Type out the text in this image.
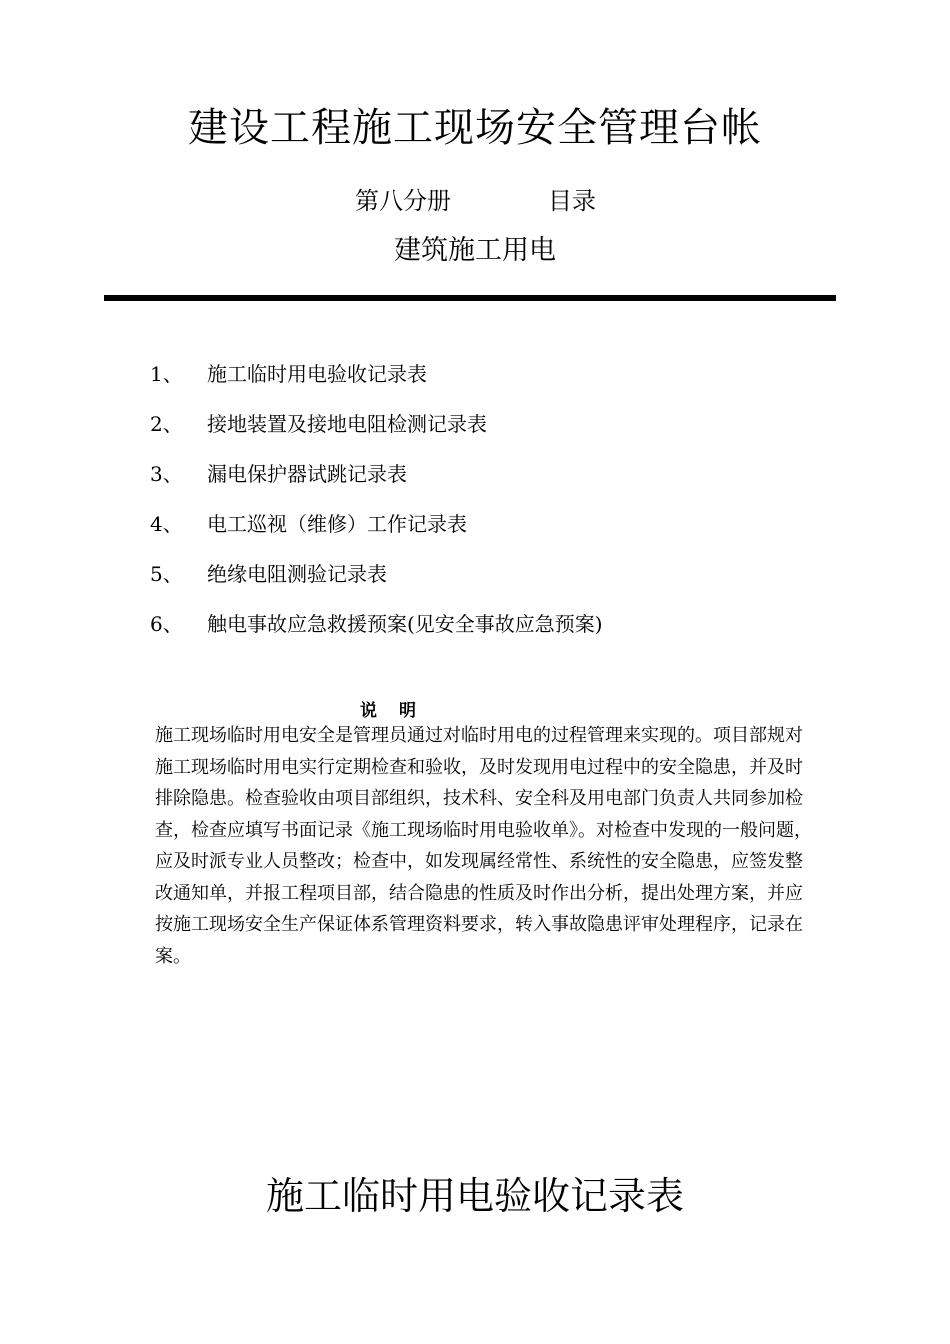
建设工程施工现场安全管理台帐
第八分册	目录
建筑施工用电
1、 施工临时用电验收记录表
2、 接地装置及接地电阻检测记录表
3、 漏电保护器试跳记录表
4、 电工巡视（维修）工作记录表
5、 绝缘电阻测验记录表
6、 触电事故应急救援预案(见安全事故应急预案)
说明
施工现场临时用电安全是管理员通过对临时用电的过程管理来实现的。项目部规对
施工现场临时用电实行定期检查和验收，及时发现用电过程中的安全隐患，并及时
排除隐患。检查验收由项目部组织，技术科、安全科及用电部门负责人共同参加检
查，检查应填写书面记录《施工现场临时用电验收单》。对检查中发现的一般问题，
应及时派专业人员整改；检查中，如发现属经常性、系统性的安全隐患，应签发整
改通知单，并报工程项目部，结合隐患的性质及时作出分析，提出处理方案，并应
按施工现场安全生产保证体系管理资料要求，转入事故隐患评审处理程序，记录在
案。
施工临时用电验收记录表
